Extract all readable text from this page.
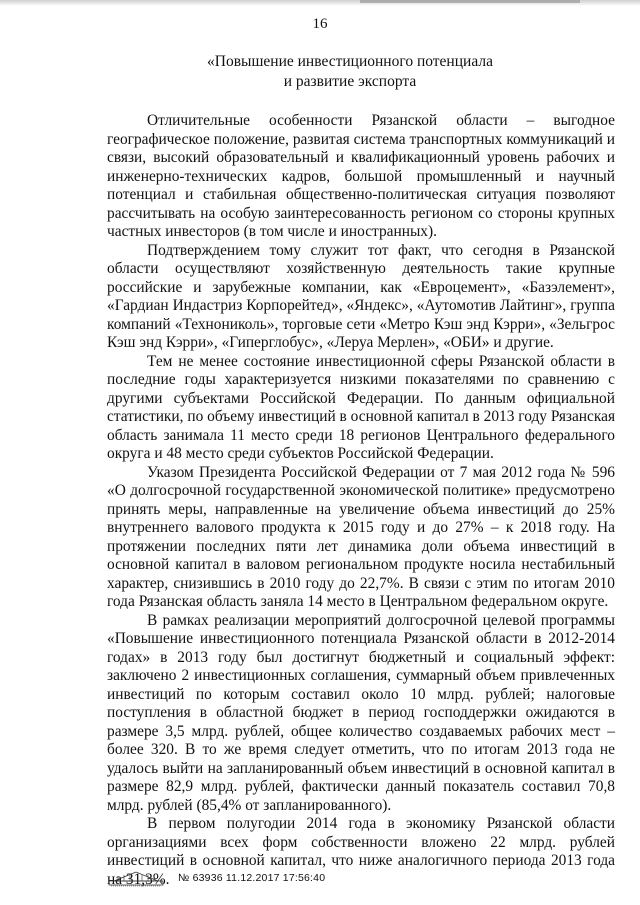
16
«Повышение инвестиционного потенциала
и развитие экспорта
Отличительные особенности Рязанской области – выгодное
географическое положение, развитая система транспортных коммуникаций и
связи, высокий образовательный и квалификационный уровень рабочих и
инженерно-технических кадров, большой промышленный и научный
потенциал и стабильная общественно-политическая ситуация позволяют
рассчитывать на особую заинтересованность регионом со стороны крупных
частных инвесторов (в том числе и иностранных).
Подтверждением тому служит тот факт, что сегодня в Рязанской
области осуществляют хозяйственную деятельность такие крупные
российские и зарубежные компании, как «Евроцемент», «Базэлемент»,
«Гардиан Индастриз Корпорейтед», «Яндекс», «Аутомотив Лайтинг», группа
компаний «Технониколь», торговые сети «Метро Кэш энд Кэрри», «Зельгрос
Кэш энд Кэрри», «Гиперглобус», «Леруа Мерлен», «ОБИ» и другие.
Тем не менее состояние инвестиционной сферы Рязанской области в
последние годы характеризуется низкими показателями по сравнению с
другими субъектами Российской Федерации. По данным официальной
статистики, по объему инвестиций в основной капитал в 2013 году Рязанская
область занимала 11 место среди 18 регионов Центрального федерального
округа и 48 место среди субъектов Российской Федерации.
Указом Президента Российской Федерации от 7 мая 2012 года № 596
«О долгосрочной государственной экономической политике» предусмотрено
принять меры, направленные на увеличение объема инвестиций до 25%
внутреннего валового продукта к 2015 году и до 27% – к 2018 году. На
протяжении последних пяти лет динамика доли объема инвестиций в
основной капитал в валовом региональном продукте носила нестабильный
характер, снизившись в 2010 году до 22,7%. В связи с этим по итогам 2010
года Рязанская область заняла 14 место в Центральном федеральном округе.
В рамках реализации мероприятий долгосрочной целевой программы
«Повышение инвестиционного потенциала Рязанской области в 2012-2014
годах» в 2013 году был достигнут бюджетный и социальный эффект:
заключено 2 инвестиционных соглашения, суммарный объем привлеченных
инвестиций по которым составил около 10 млрд. рублей; налоговые
поступления в областной бюджет в период господдержки ожидаются в
размере 3,5 млрд. рублей, общее количество создаваемых рабочих мест –
более 320. В то же время следует отметить, что по итогам 2013 года не
удалось выйти на запланированный объем инвестиций в основной капитал в
размере 82,9 млрд. рублей, фактически данный показатель составил 70,8
млрд. рублей (85,4% от запланированного).
В первом полугодии 2014 года в экономику Рязанской области
организациями всех форм собственности вложено 22 млрд. рублей
инвестиций в основной капитал, что ниже аналогичного периода 2013 года
на 31,3%. № 63936 11.12.2017 17:56:40
